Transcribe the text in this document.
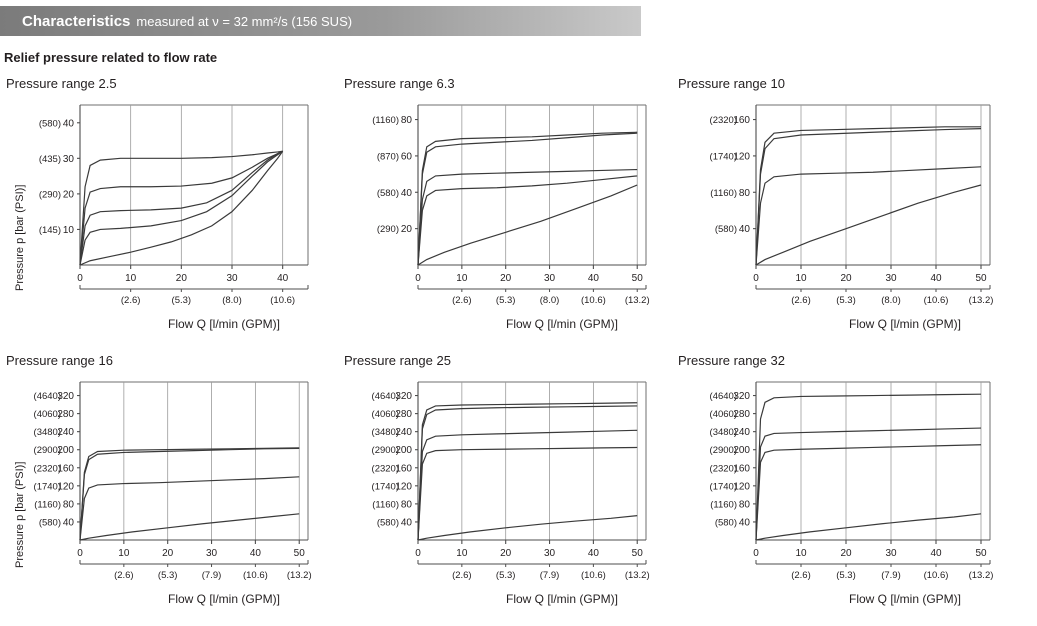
Characteristics measured at ν = 32 mm²/s (156 SUS)
Relief pressure related to flow rate
Pressure range 2.5
10
(145)
20
(290)
30
(435)
40
(580)
0	10	20	30	40
(2.6)	(5.3)	(8.0)	(10.6)
Flow Q [l/min (GPM)]
Pressure p [bar (PSI)]
Pressure range 6.3
20
(290)
40
(580)
60
(870)
80
(1160)
0	10	20	30	40	50
(2.6)	(5.3)	(8.0) (10.6) (13.2)
Flow Q [l/min (GPM)]
Pressure range 10
40
(580)
80
(1160)
120
(1740)
160
(2320)
0	10	20	30	40	50
(2.6)	(5.3)	(8.0) (10.6) (13.2)
Flow Q [l/min (GPM)]
Pressure range 16
40
(580)
80
(1160)
120
(1740)
160
(2320)
200
(2900)
240
(3480)
280
(4060)
320
(4640)
0	10	20	30	40	50
(2.6)	(5.3)	(7.9) (10.6) (13.2)
Flow Q [l/min (GPM)]
Pressure p [bar (PSI)]
Pressure range 25
40
(580)
80
(1160)
120
(1740)
160
(2320)
200
(2900)
240
(3480)
280
(4060)
320
(4640)
0	10	20	30	40	50
(2.6)	(5.3)	(7.9) (10.6) (13.2)
Flow Q [l/min (GPM)]
Pressure range 32
40
(580)
80
(1160)
120
(1740)
160
(2320)
200
(2900)
240
(3480)
280
(4060)
320
(4640)
0	10	20	30	40	50
(2.6)	(5.3)	(7.9) (10.6) (13.2)
Flow Q [l/min (GPM)]
